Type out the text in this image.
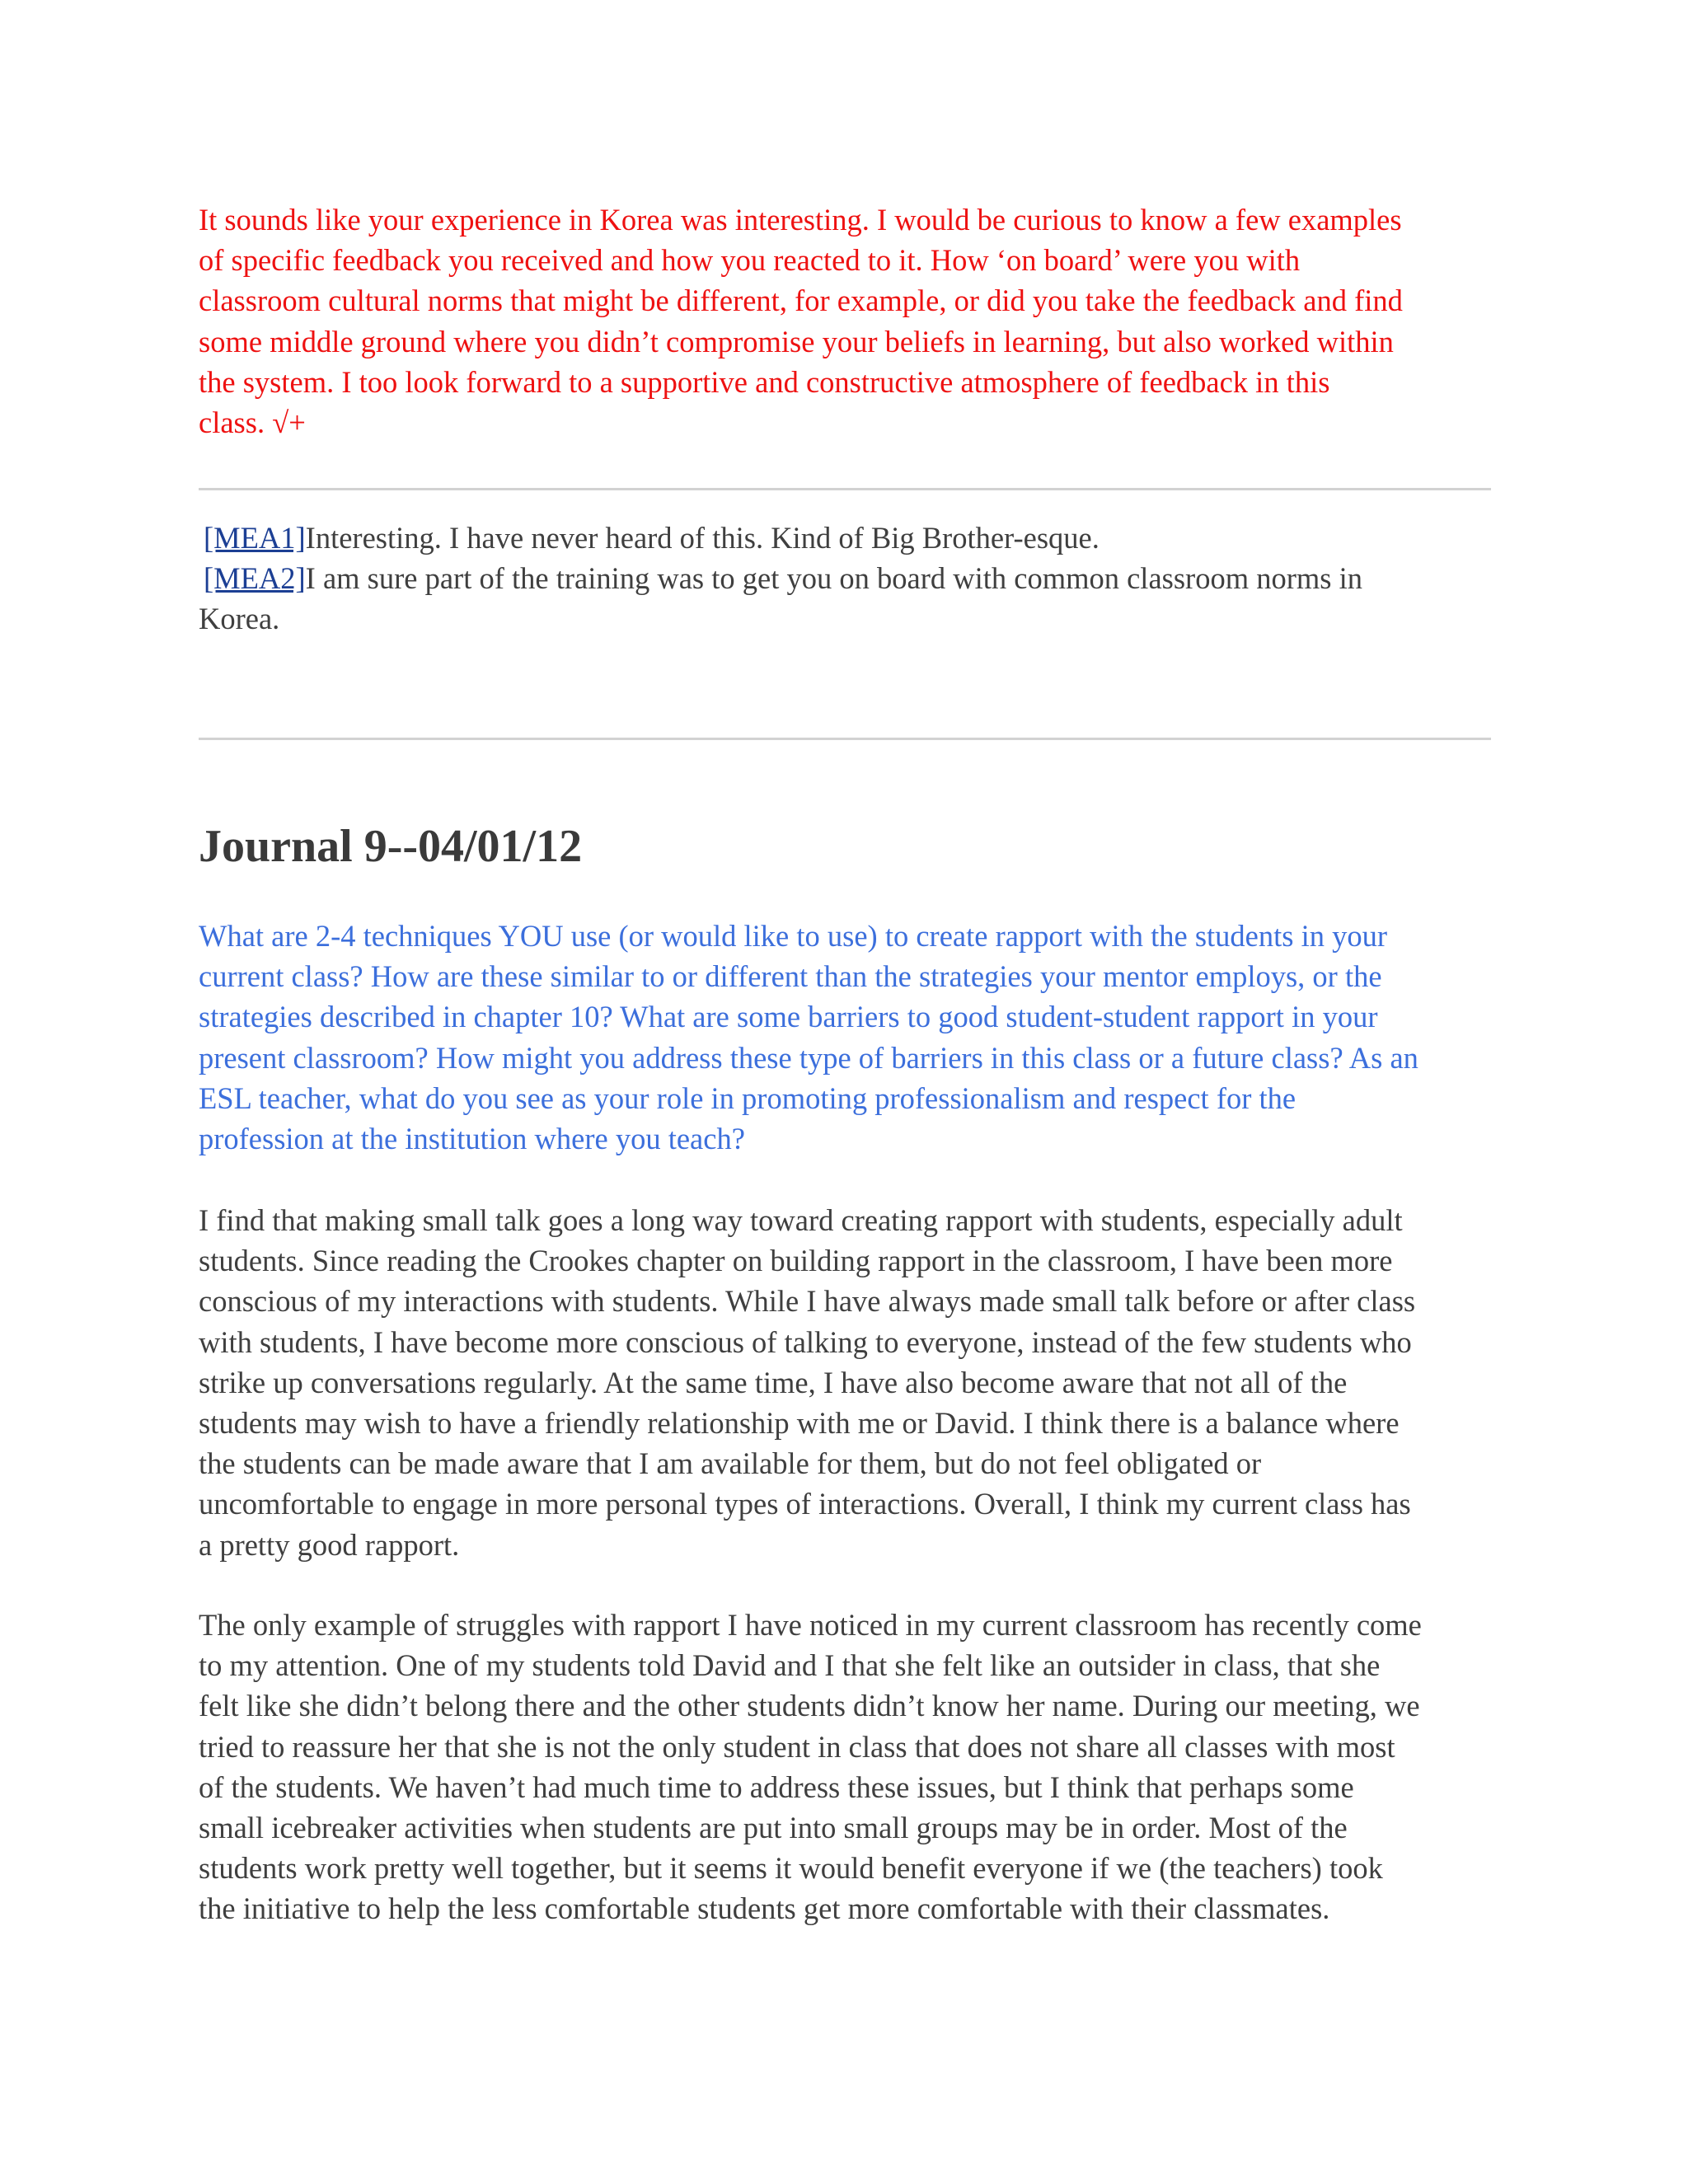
It sounds like your experience in Korea was interesting. I would be curious to know a few examples
of specific feedback you received and how you reacted to it. How ‘on board’ were you with
classroom cultural norms that might be different, for example, or did you take the feedback and find
some middle ground where you didn’t compromise your beliefs in learning, but also worked within
the system. I too look forward to a supportive and constructive atmosphere of feedback in this
class. √+
[MEA1]Interesting. I have never heard of this. Kind of Big Brother-esque.
[MEA2]I am sure part of the training was to get you on board with common classroom norms in
Korea.
Journal 9--04/01/12
What are 2-4 techniques YOU use (or would like to use) to create rapport with the students in your
current class? How are these similar to or different than the strategies your mentor employs, or the
strategies described in chapter 10? What are some barriers to good student-student rapport in your
present classroom? How might you address these type of barriers in this class or a future class? As an
ESL teacher, what do you see as your role in promoting professionalism and respect for the
profession at the institution where you teach?
I find that making small talk goes a long way toward creating rapport with students, especially adult
students. Since reading the Crookes chapter on building rapport in the classroom, I have been more
conscious of my interactions with students. While I have always made small talk before or after class
with students, I have become more conscious of talking to everyone, instead of the few students who
strike up conversations regularly. At the same time, I have also become aware that not all of the
students may wish to have a friendly relationship with me or David. I think there is a balance where
the students can be made aware that I am available for them, but do not feel obligated or
uncomfortable to engage in more personal types of interactions. Overall, I think my current class has
a pretty good rapport.
The only example of struggles with rapport I have noticed in my current classroom has recently come
to my attention. One of my students told David and I that she felt like an outsider in class, that she
felt like she didn’t belong there and the other students didn’t know her name. During our meeting, we
tried to reassure her that she is not the only student in class that does not share all classes with most
of the students. We haven’t had much time to address these issues, but I think that perhaps some
small icebreaker activities when students are put into small groups may be in order. Most of the
students work pretty well together, but it seems it would benefit everyone if we (the teachers) took
the initiative to help the less comfortable students get more comfortable with their classmates.
